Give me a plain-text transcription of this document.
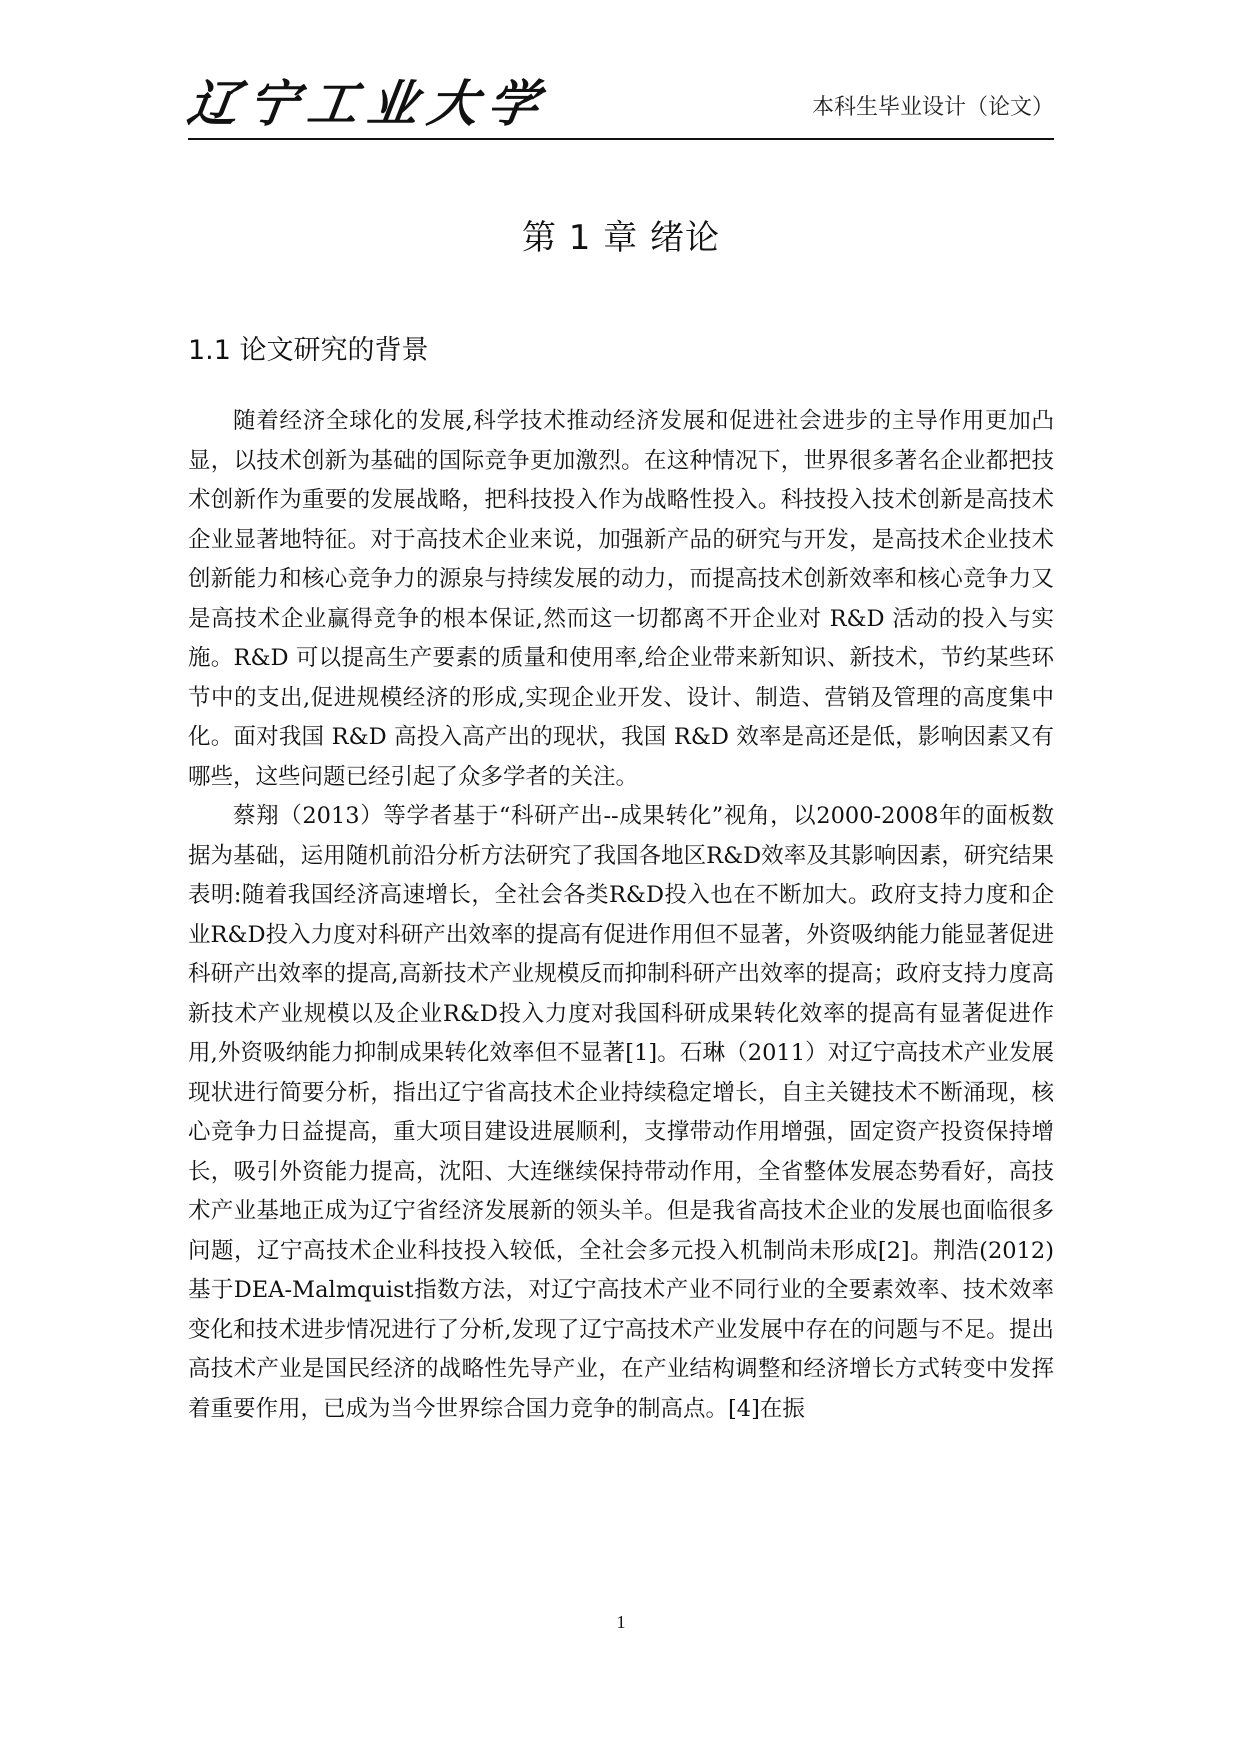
辽宁工业大学	本科生毕业设计（论文）
第 1 章 绪论
1.1 论文研究的背景

随着经济全球化的发展,科学技术推动经济发展和促进社会进步的主导作用更加凸显，以技术创新为基础的国际竞争更加激烈。在这种情况下，世界很多著名企业都把技术创新作为重要的发展战略，把科技投入作为战略性投入。科技投入技术创新是高技术企业显著地特征。对于高技术企业来说，加强新产品的研究与开发，是高技术企业技术创新能力和核心竞争力的源泉与持续发展的动力，而提高技术创新效率和核心竞争力又是高技术企业赢得竞争的根本保证,然而这一切都离不开企业对 R&D 活动的投入与实施。R&D 可以提高生产要素的质量和使用率,给企业带来新知识、新技术，节约某些环节中的支出,促进规模经济的形成,实现企业开发、设计、制造、营销及管理的高度集中化。面对我国 R&D 高投入高产出的现状，我国 R&D 效率是高还是低，影响因素又有哪些，这些问题已经引起了众多学者的关注。

蔡翔（2013）等学者基于“科研产出--成果转化”视角，以2000-2008年的面板数据为基础，运用随机前沿分析方法研究了我国各地区R&D效率及其影响因素，研究结果表明:随着我国经济高速增长，全社会各类R&D投入也在不断加大。政府支持力度和企业R&D投入力度对科研产出效率的提高有促进作用但不显著，外资吸纳能力能显著促进科研产出效率的提高,高新技术产业规模反而抑制科研产出效率的提高；政府支持力度高新技术产业规模以及企业R&D投入力度对我国科研成果转化效率的提高有显著促进作用,外资吸纳能力抑制成果转化效率但不显著[1]。石琳（2011）对辽宁高技术产业发展现状进行简要分析，指出辽宁省高技术企业持续稳定增长，自主关键技术不断涌现，核心竞争力日益提高，重大项目建设进展顺利，支撑带动作用增强，固定资产投资保持增长，吸引外资能力提高，沈阳、大连继续保持带动作用，全省整体发展态势看好，高技术产业基地正成为辽宁省经济发展新的领头羊。但是我省高技术企业的发展也面临很多问题，辽宁高技术企业科技投入较低，全社会多元投入机制尚未形成[2]。荆浩(2012)基于DEA-Malmquist指数方法，对辽宁高技术产业不同行业的全要素效率、技术效率变化和技术进步情况进行了分析,发现了辽宁高技术产业发展中存在的问题与不足。提出高技术产业是国民经济的战略性先导产业，在产业结构调整和经济增长方式转变中发挥着重要作用，已成为当今世界综合国力竞争的制高点。[4]在振

1
